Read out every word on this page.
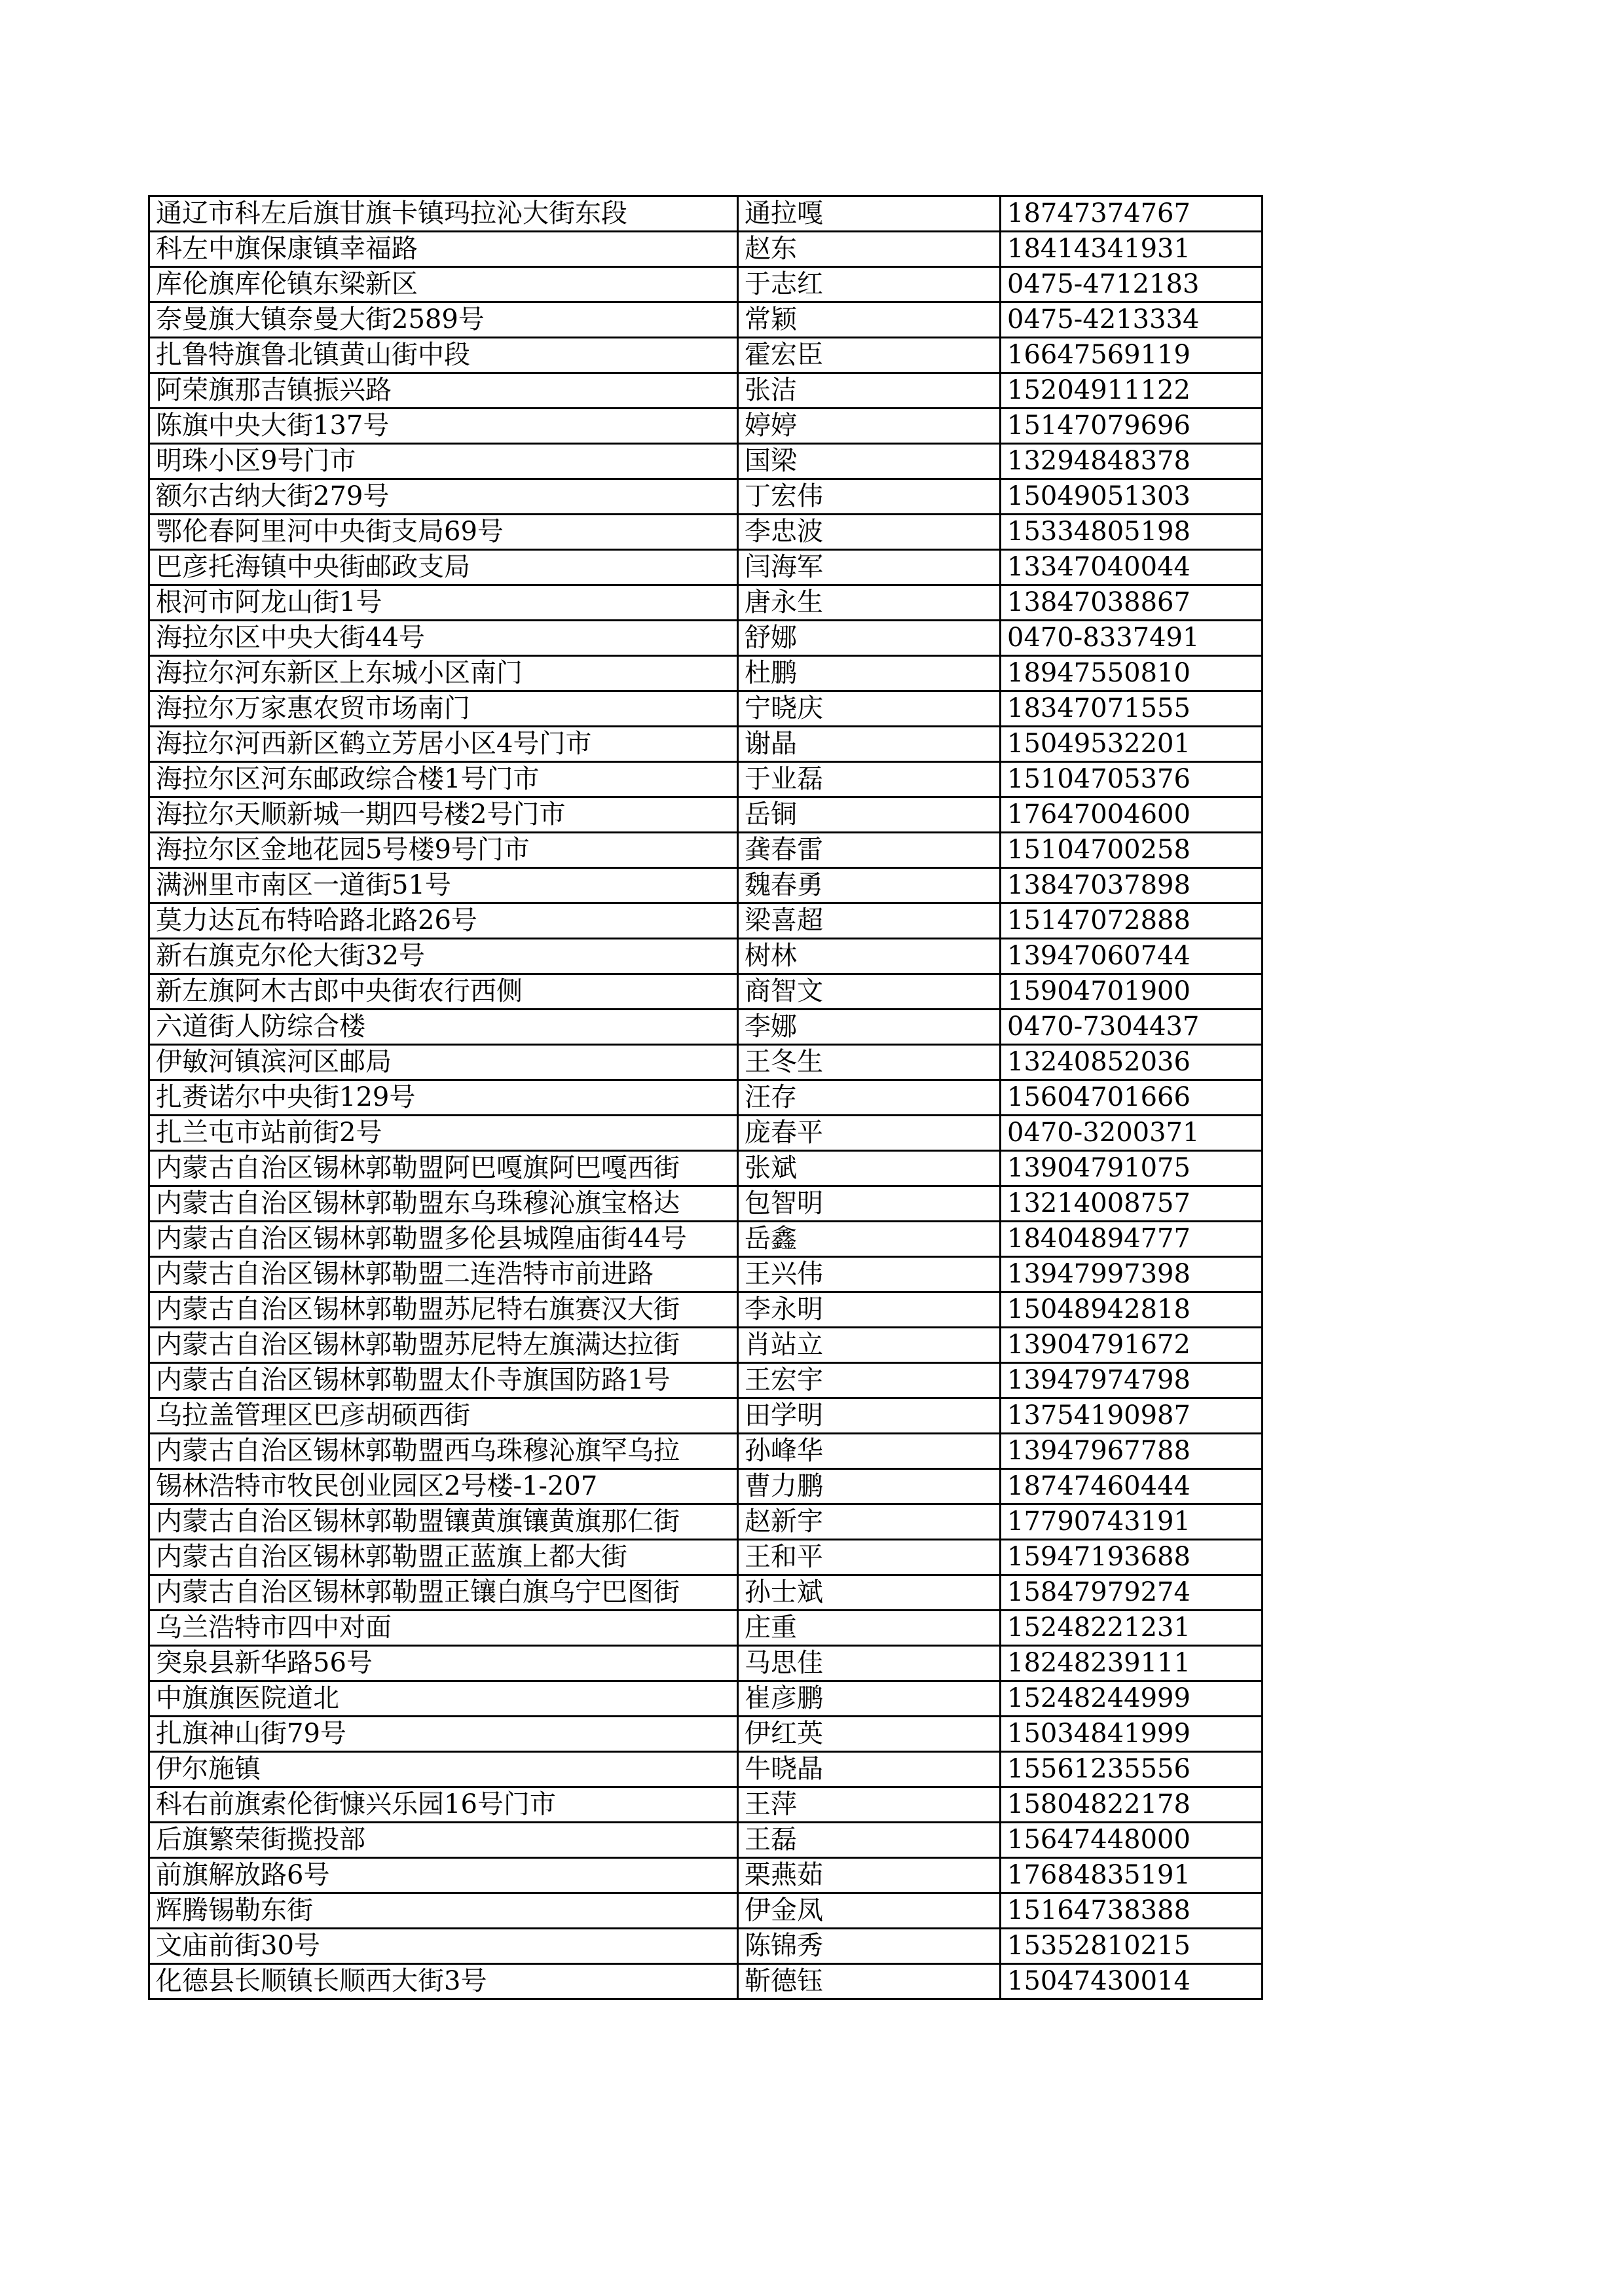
通辽市科左后旗甘旗卡镇玛拉沁大街东段	通拉嘎	18747374767
科左中旗保康镇幸福路	赵东	18414341931
库伦旗库伦镇东梁新区	于志红	0475-4712183
奈曼旗大镇奈曼大街2589号	常颖	0475-4213334
扎鲁特旗鲁北镇黄山街中段	霍宏臣	16647569119
阿荣旗那吉镇振兴路	张洁	15204911122
陈旗中央大街137号	婷婷	15147079696
明珠小区9号门市	国梁	13294848378
额尔古纳大街279号	丁宏伟	15049051303
鄂伦春阿里河中央街支局69号	李忠波	15334805198
巴彦托海镇中央街邮政支局	闫海军	13347040044
根河市阿龙山街1号	唐永生	13847038867
海拉尔区中央大街44号	舒娜	0470-8337491
海拉尔河东新区上东城小区南门	杜鹏	18947550810
海拉尔万家惠农贸市场南门	宁晓庆	18347071555
海拉尔河西新区鹤立芳居小区4号门市	谢晶	15049532201
海拉尔区河东邮政综合楼1号门市	于业磊	15104705376
海拉尔天顺新城一期四号楼2号门市	岳铜	17647004600
海拉尔区金地花园5号楼9号门市	龚春雷	15104700258
满洲里市南区一道街51号	魏春勇	13847037898
莫力达瓦布特哈路北路26号	梁喜超	15147072888
新右旗克尔伦大街32号	树林	13947060744
新左旗阿木古郎中央街农行西侧	商智文	15904701900
六道街人防综合楼	李娜	0470-7304437
伊敏河镇滨河区邮局	王冬生	13240852036
扎赉诺尔中央街129号	汪存	15604701666
扎兰屯市站前街2号	庞春平	0470-3200371
内蒙古自治区锡林郭勒盟阿巴嘎旗阿巴嘎西街	张斌	13904791075
内蒙古自治区锡林郭勒盟东乌珠穆沁旗宝格达	包智明	13214008757
内蒙古自治区锡林郭勒盟多伦县城隍庙街44号	岳鑫	18404894777
内蒙古自治区锡林郭勒盟二连浩特市前进路	王兴伟	13947997398
内蒙古自治区锡林郭勒盟苏尼特右旗赛汉大街	李永明	15048942818
内蒙古自治区锡林郭勒盟苏尼特左旗满达拉街	肖站立	13904791672
内蒙古自治区锡林郭勒盟太仆寺旗国防路1号	王宏宇	13947974798
乌拉盖管理区巴彦胡硕西街	田学明	13754190987
内蒙古自治区锡林郭勒盟西乌珠穆沁旗罕乌拉	孙峰华	13947967788
锡林浩特市牧民创业园区2号楼-1-207	曹力鹏	18747460444
内蒙古自治区锡林郭勒盟镶黄旗镶黄旗那仁街	赵新宇	17790743191
内蒙古自治区锡林郭勒盟正蓝旗上都大街	王和平	15947193688
内蒙古自治区锡林郭勒盟正镶白旗乌宁巴图街	孙士斌	15847979274
乌兰浩特市四中对面	庄重	15248221231
突泉县新华路56号	马思佳	18248239111
中旗旗医院道北	崔彦鹏	15248244999
扎旗神山街79号	伊红英	15034841999
伊尔施镇	牛晓晶	15561235556
科右前旗索伦街慷兴乐园16号门市	王萍	15804822178
后旗繁荣街揽投部	王磊	15647448000
前旗解放路6号	栗燕茹	17684835191
辉腾锡勒东街	伊金凤	15164738388
文庙前街30号	陈锦秀	15352810215
化德县长顺镇长顺西大街3号	靳德钰	15047430014
